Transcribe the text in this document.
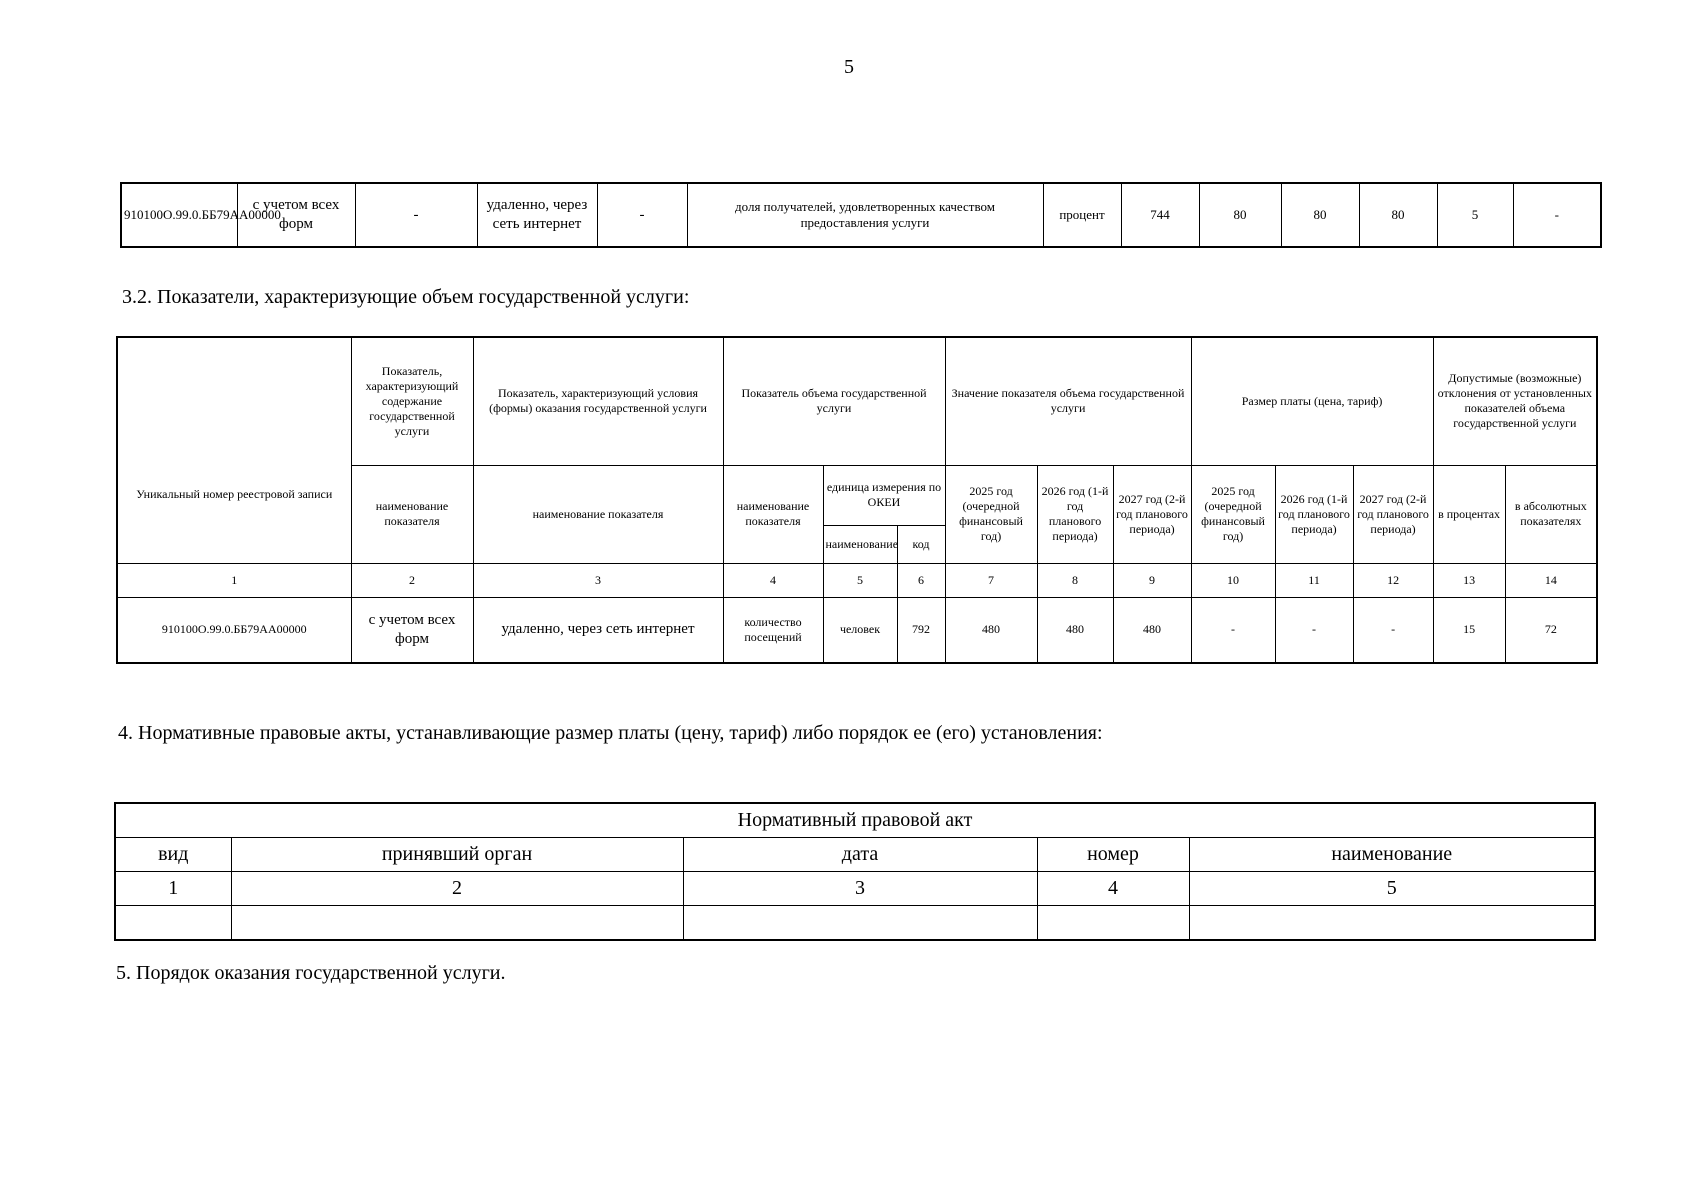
5
910100О.99.0.ББ79АА00000	с учетом всех форм	-	удаленно, через сеть интернет	-	доля получателей, удовлетворенных качеством предоставления услуги	процент	744	80	80	80	5	-
3.2. Показатели, характеризующие объем государственной услуги:
Уникальный номер реестровой записи	Показатель, характеризующий содержание государственной услуги	Показатель, характеризующий условия (формы) оказания государственной услуги	Показатель объема государственной услуги			Значение показателя объема государственной услуги			Размер платы (цена, тариф)			Допустимые (возможные) отклонения от установленных показателей объема государственной услуги	
	наименование показателя	наименование показателя	наименование показателя	единица измерения по ОКЕИ		2025 год (очередной финансовый год)	2026 год (1-й год планового периода)	2027 год (2-й год планового периода)	2025 год (очередной финансовый год)	2026 год (1-й год планового периода)	2027 год (2-й год планового периода)	в процентах	в абсолютных показателях
				наименование	код								
1	2	3	4	5	6	7	8	9	10	11	12	13	14
910100О.99.0.ББ79АА00000	с учетом всех форм	удаленно, через сеть интернет	количество посещений	человек	792	480	480	480	-	-	-	15	72
4. Нормативные правовые акты, устанавливающие размер платы (цену, тариф) либо порядок ее (его) установления:
Нормативный правовой акт				
вид	принявший орган	дата	номер	наименование
1	2	3	4	5

5. Порядок оказания государственной услуги.
